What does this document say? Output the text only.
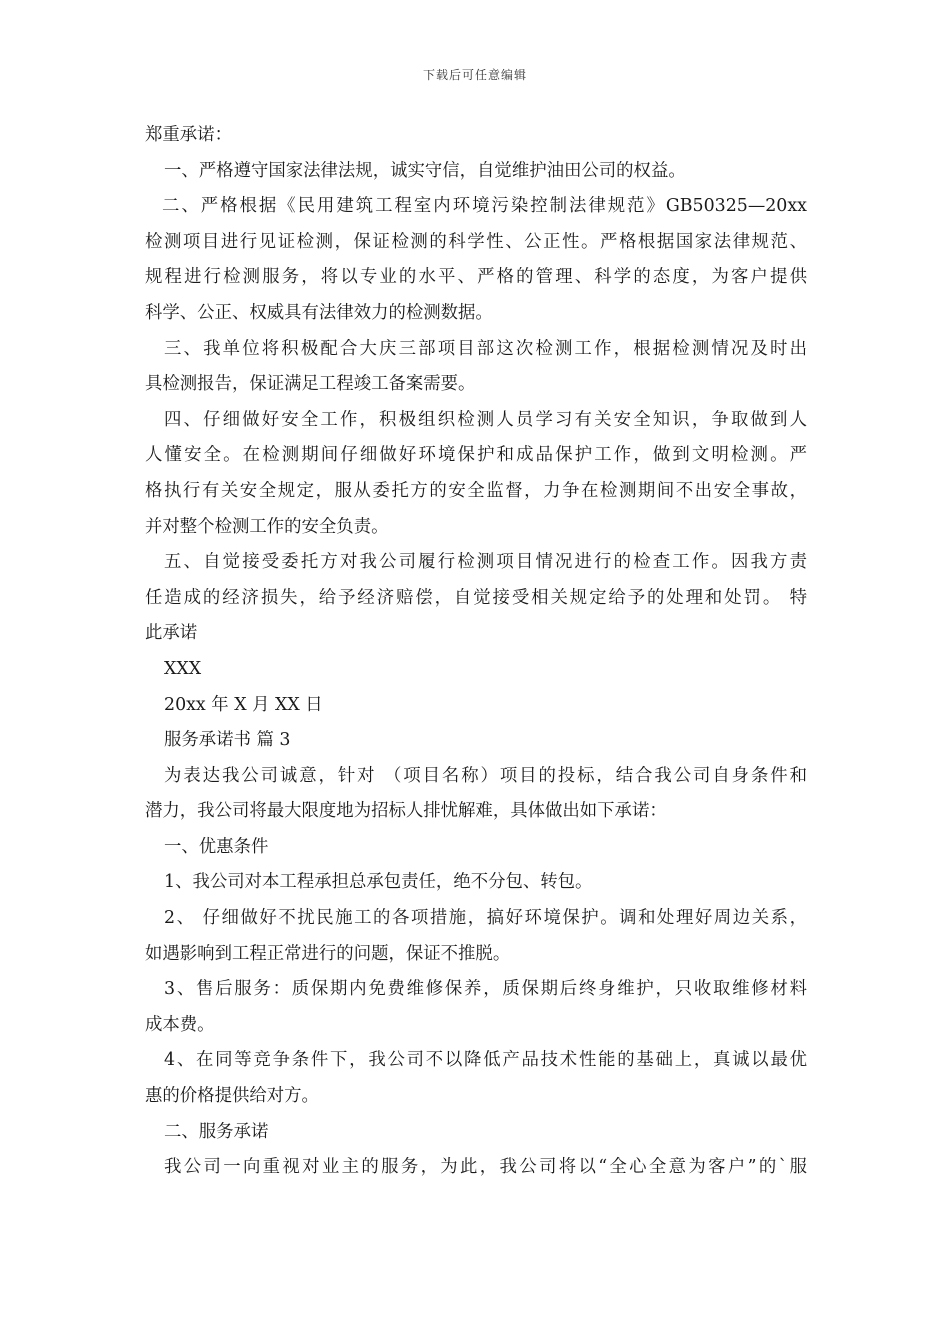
下载后可任意编辑
郑重承诺：
一、严格遵守国家法律法规，诚实守信，自觉维护油田公司的权益。
二、严格根据《民用建筑工程室内环境污染控制法律规范》GB50325—20xx
检测项目进行见证检测，保证检测的科学性、公正性。严格根据国家法律规范、
规程进行检测服务，将以专业的水平、严格的管理、科学的态度，为客户提供
科学、公正、权威具有法律效力的检测数据。
三、我单位将积极配合大庆三部项目部这次检测工作，根据检测情况及时出
具检测报告，保证满足工程竣工备案需要。
四、仔细做好安全工作，积极组织检测人员学习有关安全知识，争取做到人
人懂安全。在检测期间仔细做好环境保护和成品保护工作，做到文明检测。严
格执行有关安全规定，服从委托方的安全监督，力争在检测期间不出安全事故，
并对整个检测工作的安全负责。
五、自觉接受委托方对我公司履行检测项目情况进行的检查工作。因我方责
任造成的经济损失，给予经济赔偿，自觉接受相关规定给予的处理和处罚。 特
此承诺
XXX
20xx 年 X 月 XX 日
服务承诺书 篇 3
为表达我公司诚意，针对 （项目名称）项目的投标，结合我公司自身条件和
潜力，我公司将最大限度地为招标人排忧解难，具体做出如下承诺：
一、优惠条件
1、我公司对本工程承担总承包责任，绝不分包、转包。
2、 仔细做好不扰民施工的各项措施，搞好环境保护。调和处理好周边关系，
如遇影响到工程正常进行的问题，保证不推脱。
3、售后服务：质保期内免费维修保养，质保期后终身维护，只收取维修材料
成本费。
4、在同等竞争条件下，我公司不以降低产品技术性能的基础上，真诚以最优
惠的价格提供给对方。
二、服务承诺
我公司一向重视对业主的服务，为此，我公司将以“全心全意为客户”的`服
